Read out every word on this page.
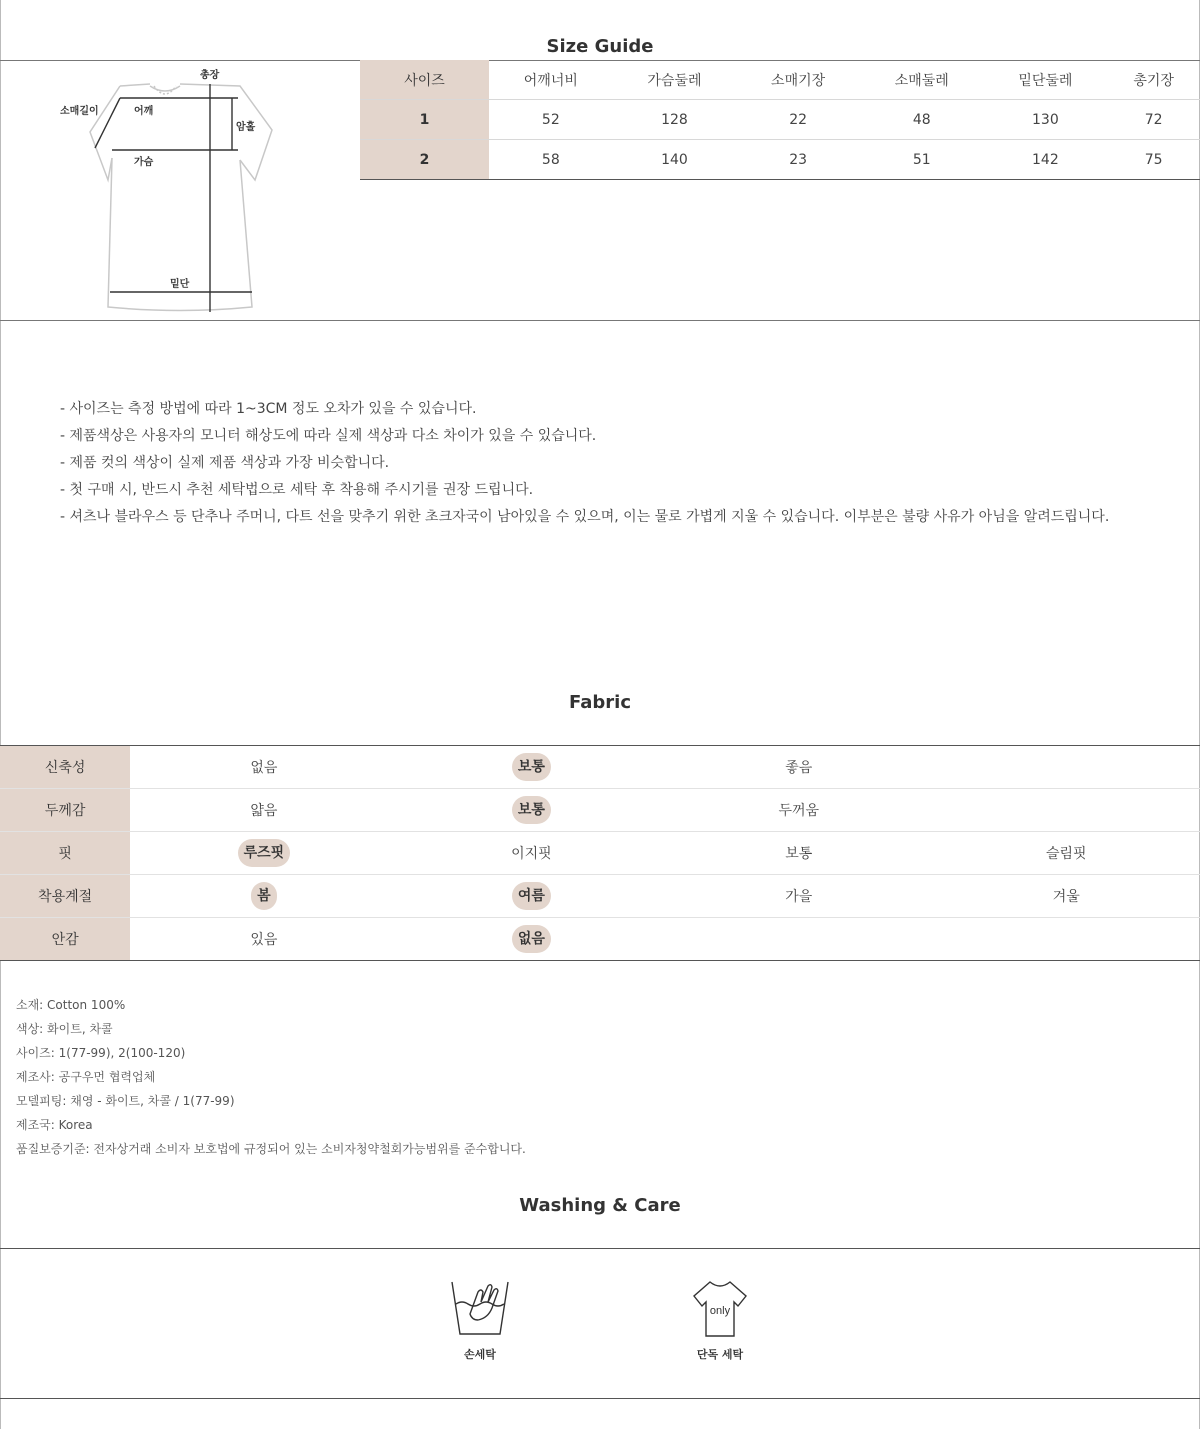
Size Guide
총장
소매길이	어깨
암홀
가슴
밑단
사이즈	어깨너비	가슴둘레	소매기장	소매둘레	밑단둘레	총기장
1	52	128	22	48	130	72
2	58	140	23	51	142	75
- 사이즈는 측정 방법에 따라 1~3CM 정도 오차가 있을 수 있습니다.
- 제품색상은 사용자의 모니터 해상도에 따라 실제 색상과 다소 차이가 있을 수 있습니다.
- 제품 컷의 색상이 실제 제품 색상과 가장 비슷합니다.
- 첫 구매 시, 반드시 추천 세탁법으로 세탁 후 착용해 주시기를 권장 드립니다.
- 셔츠나 블라우스 등 단추나 주머니, 다트 선을 맞추기 위한 초크자국이 남아있을 수 있으며, 이는 물로 가볍게 지울 수 있습니다. 이부분은 불량 사유가 아님을 알려드립니다.
Fabric
신축성	없음	보통	좋음	
두께감	얇음	보통	두꺼움	
핏	루즈핏	이지핏	보통	슬림핏
착용계절	봄	여름	가을	겨울
안감	있음	없음		
소재: Cotton 100%
색상: 화이트, 차콜
사이즈: 1(77-99), 2(100-120)
제조사: 공구우먼 협력업체
모델피팅: 채영 - 화이트, 차콜 / 1(77-99)
제조국: Korea
품질보증기준: 전자상거래 소비자 보호법에 규정되어 있는 소비자청약철회가능범위를 준수합니다.
Washing & Care
손세탁
only
단독 세탁
